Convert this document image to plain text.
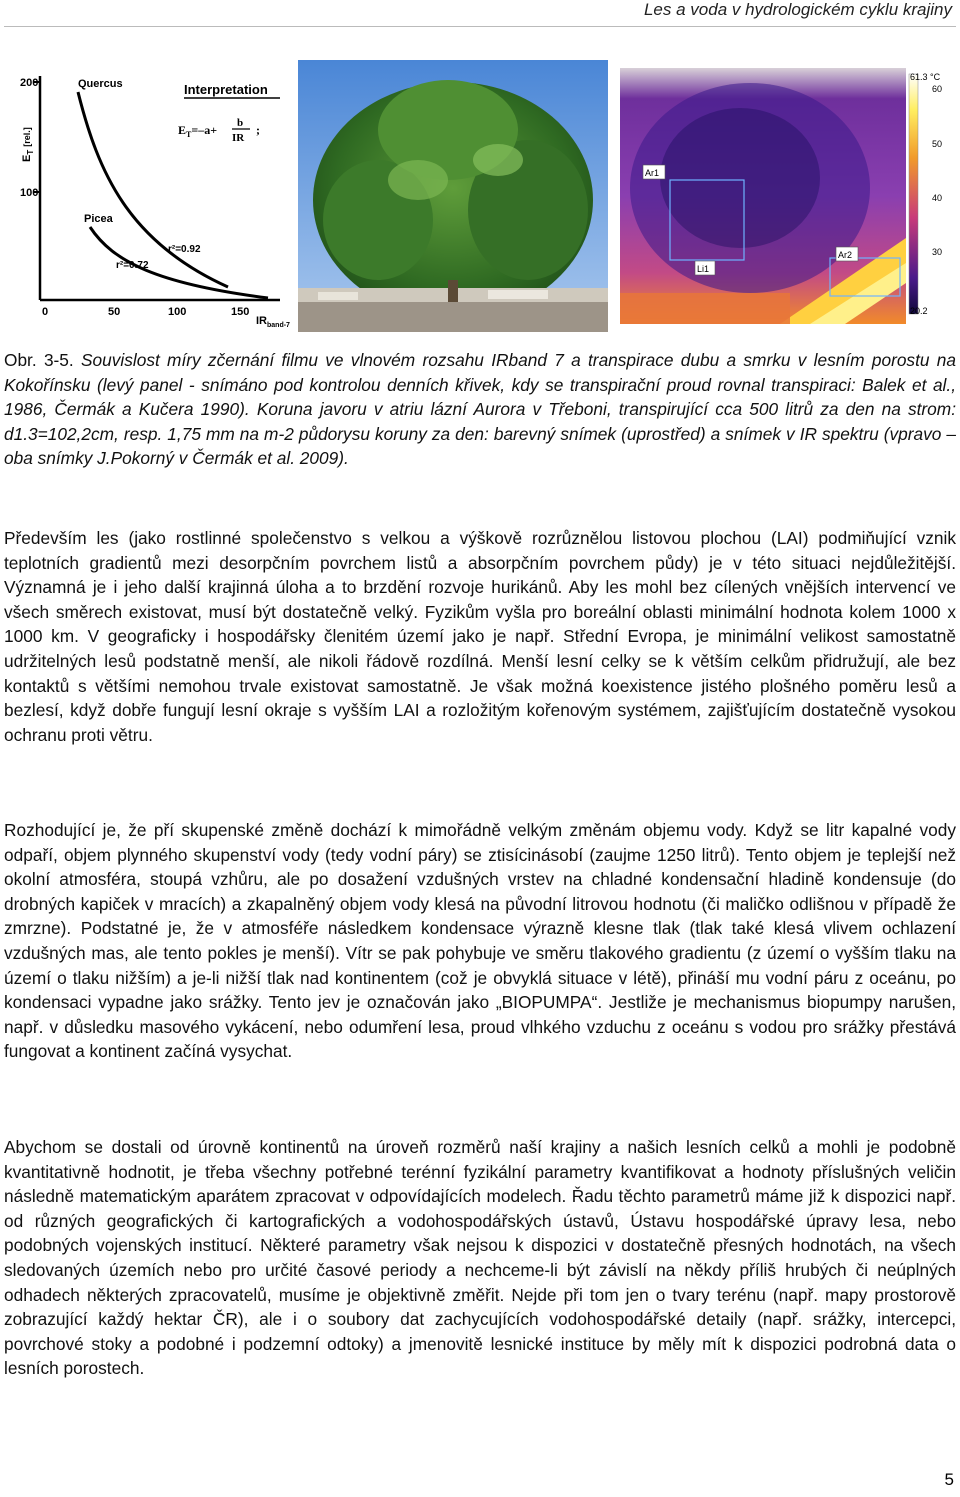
Les a voda v hydrologickém cyklu krajiny
200
100
0	50	100	150
$E_T[rel.]$
$IR_{band-7}$
Interpretation
$E_T=-a+ b$
IR
;
Quercus
Picea
r²=0.92
r²=0.72
Ar1
Ar2
Li1
61.3 °C
60
50
40
30
20.2
Obr. 3-5. Souvislost míry zčernání filmu ve vlnovém rozsahu IRband 7 a transpirace dubu a smrku v lesním porostu na Kokořínsku (levý panel - snímáno pod kontrolou denních křivek, kdy se transpirační proud rovnal transpiraci: Balek et al., 1986, Čermák a Kučera 1990). Koruna javoru v atriu lázní Aurora v Třeboni, transpirující cca 500 litrů za den na strom: d1.3=102,2cm, resp. 1,75 mm na m-2 půdorysu koruny za den: barevný snímek (uprostřed) a snímek v IR spektru (vpravo – oba snímky J.Pokorný v Čermák et al. 2009).

Především les (jako rostlinné společenstvo s velkou a výškově rozrůznělou listovou plochou (LAI) podmiňující vznik teplotních gradientů mezi desorpčním povrchem listů a absorpčním povrchem půdy) je v této situaci nejdůležitější. Významná je i jeho další krajinná úloha a to brzdění rozvoje hurikánů. Aby les mohl bez cílených vnějších intervencí ve všech směrech existovat, musí být dostatečně velký. Fyzikům vyšla pro boreální oblasti minimální hodnota kolem 1000 x 1000 km. V geograficky i hospodářsky členitém území jako je např. Střední Evropa, je minimální velikost samostatně udržitelných lesů podstatně menší, ale nikoli řádově rozdílná. Menší lesní celky se k větším celkům přidružují, ale bez kontaktů s většími nemohou trvale existovat samostatně. Je však možná koexistence jistého plošného poměru lesů a bezlesí, když dobře fungují lesní okraje s vyšším LAI a rozložitým kořenovým systémem, zajišťujícím dostatečně vysokou ochranu proti větru.

Rozhodující je, že pří skupenské změně dochází k mimořádně velkým změnám objemu vody. Když se litr kapalné vody odpaří, objem plynného skupenství vody (tedy vodní páry) se ztisícinásobí (zaujme 1250 litrů). Tento objem je teplejší než okolní atmosféra, stoupá vzhůru, ale po dosažení vzdušných vrstev na chladné kondensační hladině kondensuje (do drobných kapiček v mracích) a zkapalněný objem vody klesá na původní litrovou hodnotu (či maličko odlišnou v případě že zmrzne). Podstatné je, že v atmosféře následkem kondensace výrazně klesne tlak (tlak také klesá vlivem ochlazení vzdušných mas, ale tento pokles je menší). Vítr se pak pohybuje ve směru tlakového gradientu (z území o vyšším tlaku na území o tlaku nižším) a je-li nižší tlak nad kontinentem (což je obvyklá situace v létě), přináší mu vodní páru z oceánu, po kondensaci vypadne jako srážky. Tento jev je označován jako „BIOPUMPA“. Jestliže je mechanismus biopumpy narušen, např. v důsledku masového vykácení, nebo odumření lesa, proud vlhkého vzduchu z oceánu s vodou pro srážky přestává fungovat a kontinent začíná vysychat.

Abychom se dostali od úrovně kontinentů na úroveň rozměrů naší krajiny a našich lesních celků a mohli je podobně kvantitativně hodnotit, je třeba všechny potřebné terénní fyzikální parametry kvantifikovat a hodnoty příslušných veličin následně matematickým aparátem zpracovat v odpovídajících modelech. Řadu těchto parametrů máme již k dispozici např. od různých geografických či kartografických a vodohospodářských ústavů, Ústavu hospodářské úpravy lesa, nebo podobných vojenských institucí. Některé parametry však nejsou k dispozici v dostatečně přesných hodnotách, na všech sledovaných územích nebo pro určité časové periody a nechceme-li být závislí na někdy příliš hrubých či neúplných odhadech některých zpracovatelů, musíme je objektivně změřit. Nejde při tom jen o tvary terénu (např. mapy prostorově zobrazující každý hektar ČR), ale i o soubory dat zachycujících vodohospodářské detaily (např. srážky, intercepci, povrchové stoky a podobné i podzemní odtoky) a jmenovitě lesnické instituce by měly mít k dispozici podrobná data o lesních porostech.

5
